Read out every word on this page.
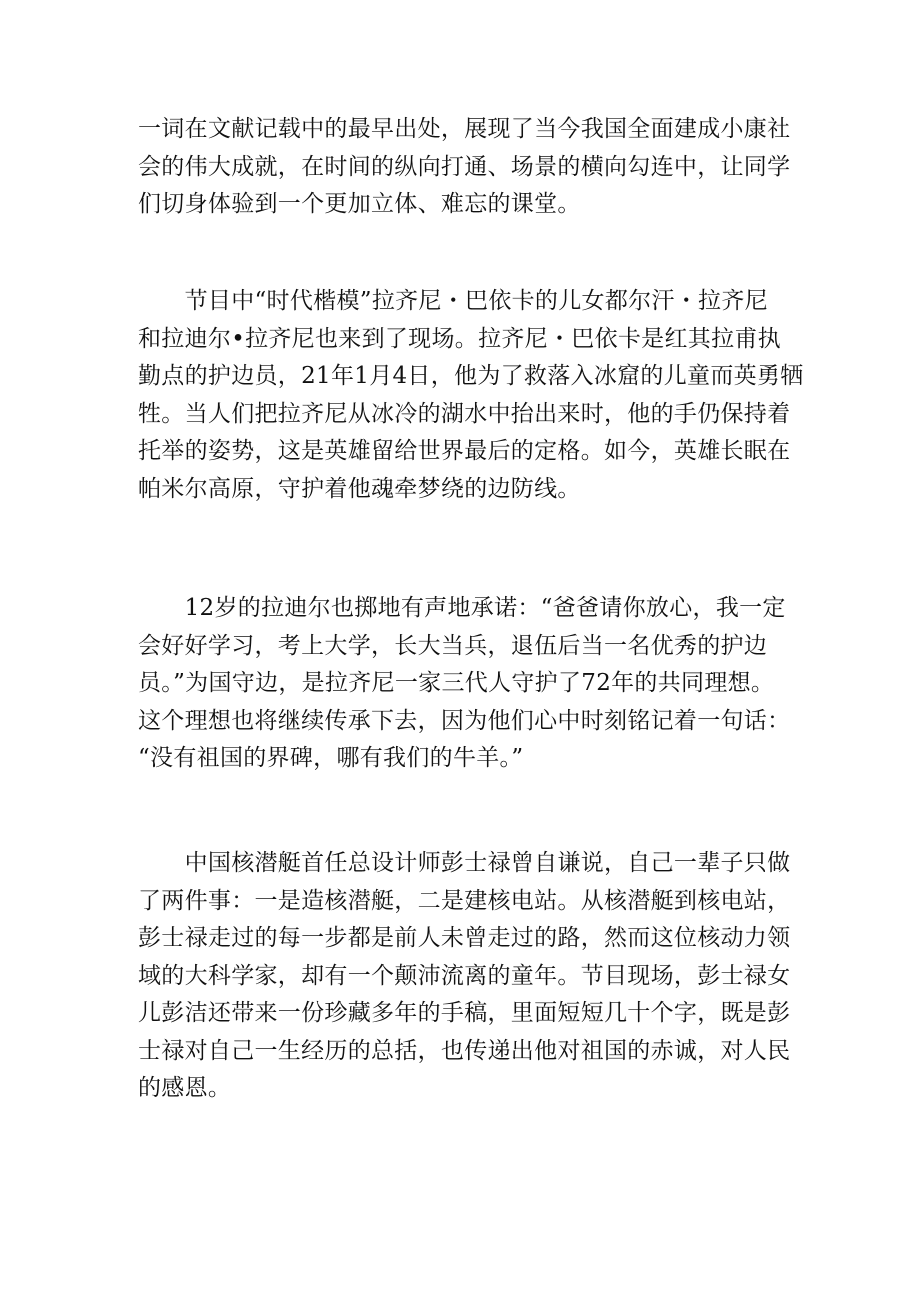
一词在文献记载中的最早出处，展现了当今我国全面建成小康社
会的伟大成就，在时间的纵向打通、场景的横向勾连中，让同学
们切身体验到一个更加立体、难忘的课堂。

　　节目中“时代楷模”拉齐尼・巴依卡的儿女都尔汗・拉齐尼
和拉迪尔•拉齐尼也来到了现场。拉齐尼・巴依卡是红其拉甫执
勤点的护边员，21年1月4日，他为了救落入冰窟的儿童而英勇牺
牲。当人们把拉齐尼从冰冷的湖水中抬出来时，他的手仍保持着
托举的姿势，这是英雄留给世界最后的定格。如今，英雄长眠在
帕米尔高原，守护着他魂牵梦绕的边防线。

　　12岁的拉迪尔也掷地有声地承诺：“爸爸请你放心，我一定
会好好学习，考上大学，长大当兵，退伍后当一名优秀的护边
员。”为国守边，是拉齐尼一家三代人守护了72年的共同理想。
这个理想也将继续传承下去，因为他们心中时刻铭记着一句话：
“没有祖国的界碑，哪有我们的牛羊。”

　　中国核潜艇首任总设计师彭士禄曾自谦说，自己一辈子只做
了两件事：一是造核潜艇，二是建核电站。从核潜艇到核电站，
彭士禄走过的每一步都是前人未曾走过的路，然而这位核动力领
域的大科学家，却有一个颠沛流离的童年。节目现场，彭士禄女
儿彭洁还带来一份珍藏多年的手稿，里面短短几十个字，既是彭
士禄对自己一生经历的总括，也传递出他对祖国的赤诚，对人民
的感恩。
